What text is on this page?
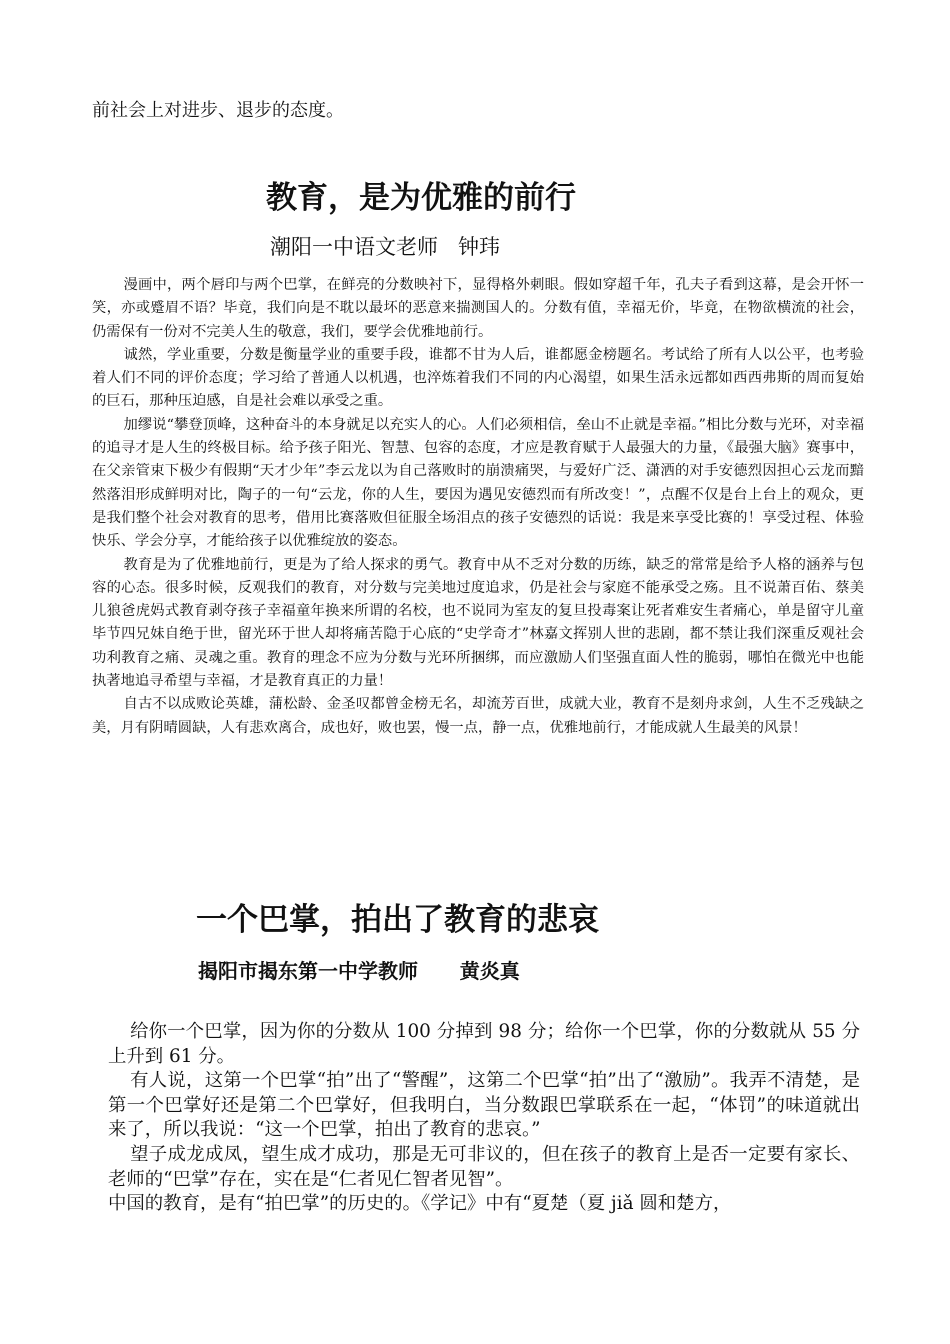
前社会上对进步、退步的态度。
教育，是为优雅的前行
潮阳一中语文老师   钟玮

漫画中，两个唇印与两个巴掌，在鲜亮的分数映衬下，显得格外刺眼。假如穿超千年，孔夫子看到这幕，是会开怀一笑，亦或蹙眉不语？毕竟，我们向是不耽以最坏的恶意来揣测国人的。分数有值，幸福无价，毕竟，在物欲横流的社会，仍需保有一份对不完美人生的敬意，我们，要学会优雅地前行。

诚然，学业重要，分数是衡量学业的重要手段，谁都不甘为人后，谁都愿金榜题名。考试给了所有人以公平，也考验着人们不同的评价态度；学习给了普通人以机遇，也淬炼着我们不同的内心渴望，如果生活永远都如西西弗斯的周而复始的巨石，那种压迫感，自是社会难以承受之重。

加缪说“攀登顶峰，这种奋斗的本身就足以充实人的心。人们必须相信，垒山不止就是幸福。”相比分数与光环，对幸福的追寻才是人生的终极目标。给予孩子阳光、智慧、包容的态度，才应是教育赋于人最强大的力量，《最强大脑》赛事中，在父亲管束下极少有假期“天才少年”李云龙以为自己落败时的崩溃痛哭，与爱好广泛、潇洒的对手安德烈因担心云龙而黯然落泪形成鲜明对比，陶子的一句“云龙，你的人生，要因为遇见安德烈而有所改变！”，点醒不仅是台上台上的观众，更是我们整个社会对教育的思考，借用比赛落败但征服全场泪点的孩子安德烈的话说：我是来享受比赛的！享受过程、体验快乐、学会分享，才能给孩子以优雅绽放的姿态。

教育是为了优雅地前行，更是为了给人探求的勇气。教育中从不乏对分数的历练，缺乏的常常是给予人格的涵养与包容的心态。很多时候，反观我们的教育，对分数与完美地过度追求，仍是社会与家庭不能承受之殇。且不说萧百佑、蔡美儿狼爸虎妈式教育剥夺孩子幸福童年换来所谓的名校，也不说同为室友的复旦投毒案让死者难安生者痛心，单是留守儿童毕节四兄妹自绝于世，留光环于世人却将痛苦隐于心底的“史学奇才”林嘉文挥别人世的悲剧，都不禁让我们深重反观社会功利教育之痛、灵魂之重。教育的理念不应为分数与光环所捆绑，而应激励人们坚强直面人性的脆弱，哪怕在微光中也能执著地追寻希望与幸福，才是教育真正的力量！

自古不以成败论英雄，蒲松龄、金圣叹都曾金榜无名，却流芳百世，成就大业，教育不是刻舟求剑，人生不乏残缺之美，月有阴晴圆缺，人有悲欢离合，成也好，败也罢，慢一点，静一点，优雅地前行，才能成就人生最美的风景！

一个巴掌，拍出了教育的悲哀
揭阳市揭东第一中学教师      黄炎真

给你一个巴掌，因为你的分数从 100 分掉到 98 分；给你一个巴掌，你的分数就从 55 分上升到 61 分。

有人说，这第一个巴掌“拍”出了“警醒”，这第二个巴掌“拍”出了“激励”。我弄不清楚，是第一个巴掌好还是第二个巴掌好，但我明白，当分数跟巴掌联系在一起，“体罚”的味道就出来了，所以我说：“这一个巴掌，拍出了教育的悲哀。”

望子成龙成凤，望生成才成功，那是无可非议的，但在孩子的教育上是否一定要有家长、老师的“巴掌”存在，实在是“仁者见仁智者见智”。

中国的教育，是有“拍巴掌”的历史的。《学记》中有“夏楚（夏 jiǎ 圆和楚方，
